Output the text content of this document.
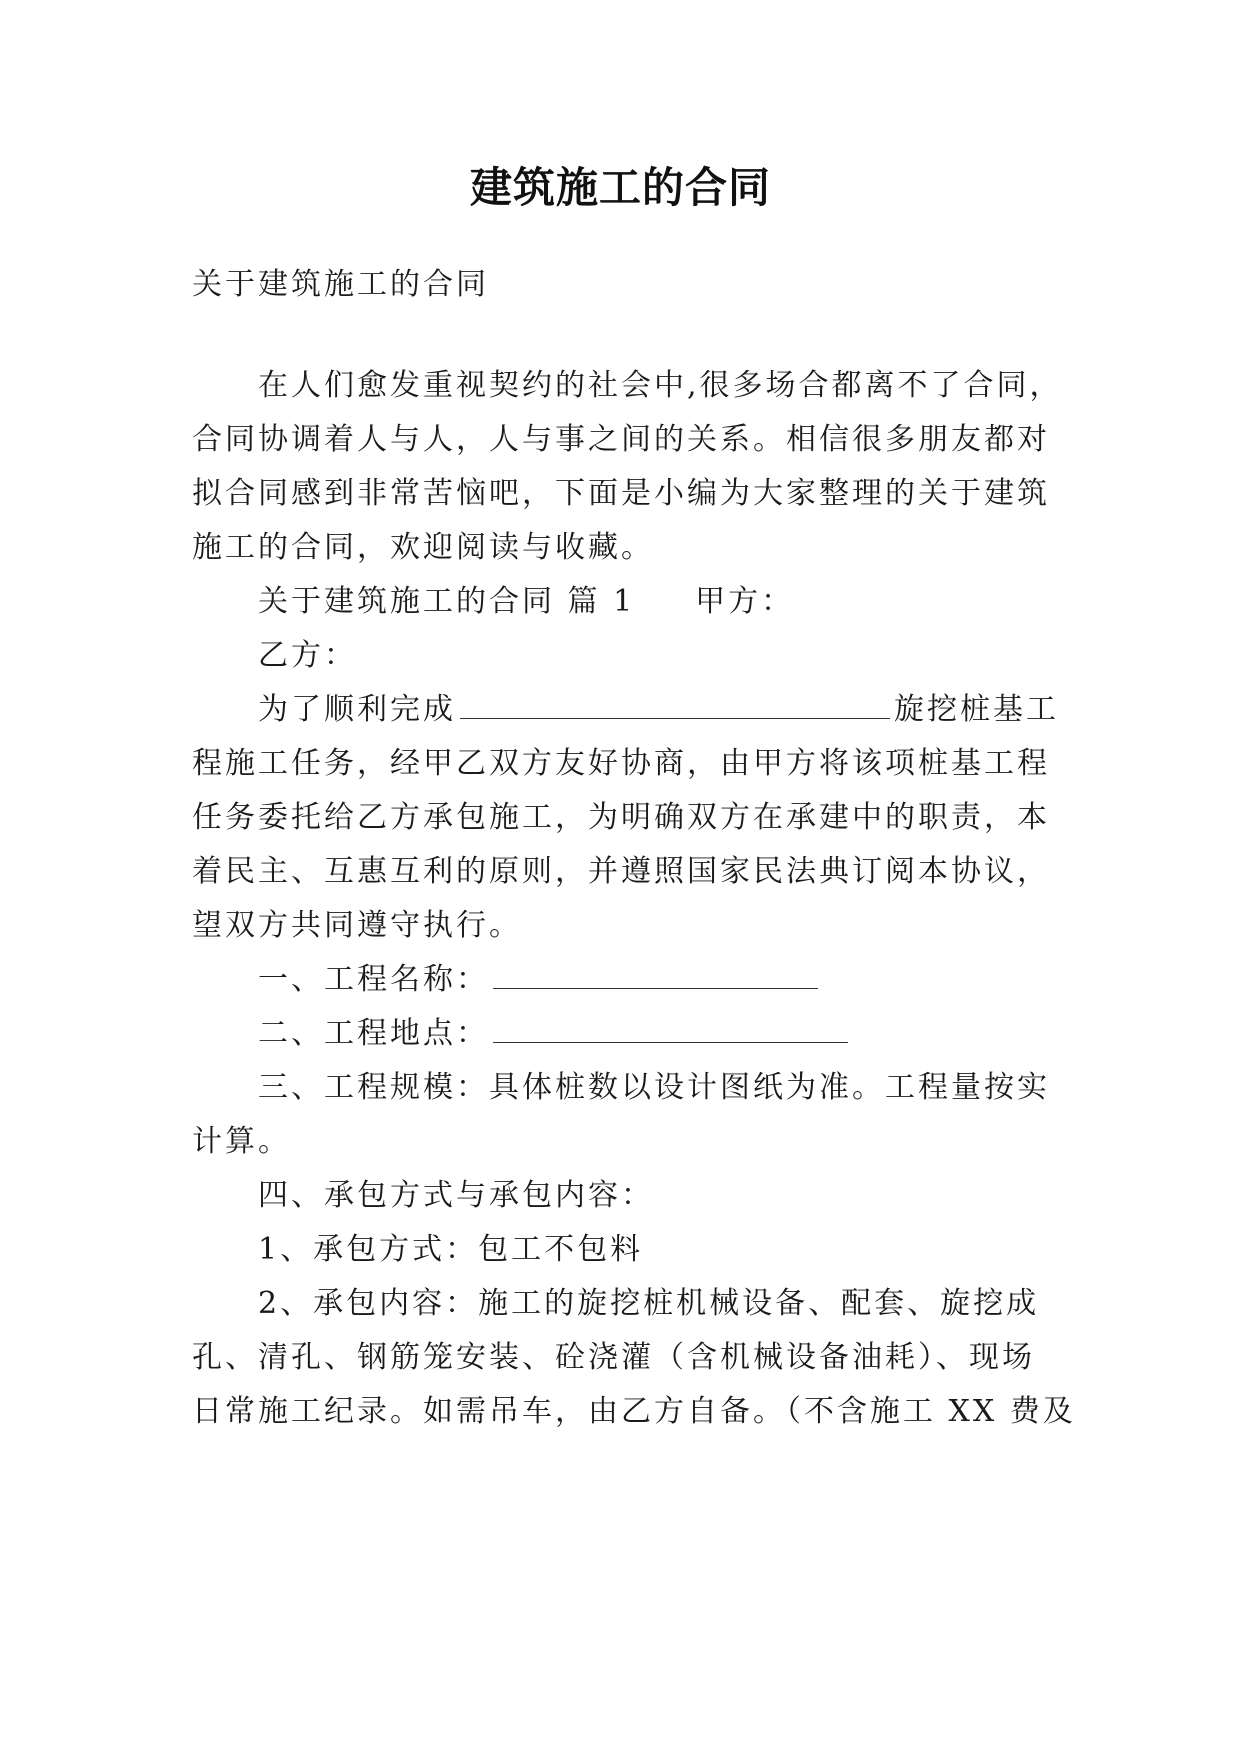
建筑施工的合同
关于建筑施工的合同
在人们愈发重视契约的社会中,很多场合都离不了合同，
合同协调着人与人，人与事之间的关系。相信很多朋友都对
拟合同感到非常苦恼吧，下面是小编为大家整理的关于建筑
施工的合同，欢迎阅读与收藏。
关于建筑施工的合同 篇 1 甲方：
乙方：
为了顺利完成	旋挖桩基工
程施工任务，经甲乙双方友好协商，由甲方将该项桩基工程
任务委托给乙方承包施工，为明确双方在承建中的职责，本
着民主、互惠互利的原则，并遵照国家民法典订阅本协议，
望双方共同遵守执行。
一、工程名称：
二、工程地点：
三、工程规模：具体桩数以设计图纸为准。工程量按实
计算。
四、承包方式与承包内容：
1、承包方式：包工不包料
2、承包内容：施工的旋挖桩机械设备、配套、旋挖成
孔、清孔、钢筋笼安装、砼浇灌（含机械设备油耗）、现场
日常施工纪录。如需吊车，由乙方自备。（不含施工 XX 费及
